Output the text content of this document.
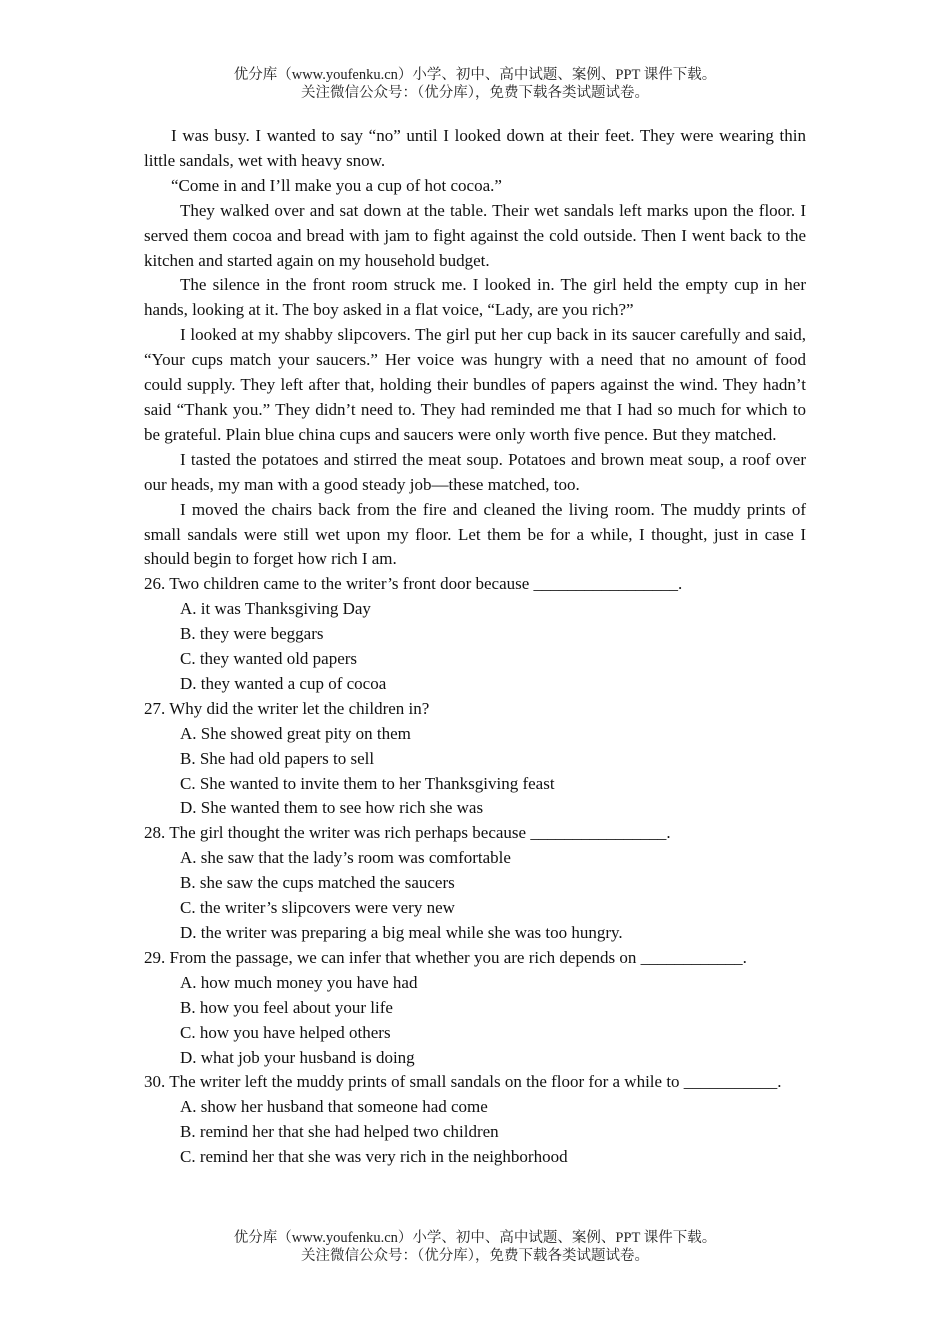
优分库（www.youfenku.cn）小学、初中、高中试题、案例、PPT 课件下载。
关注微信公众号：（优分库），免费下载各类试题试卷。

I was busy. I wanted to say “no” until I looked down at their feet. They were wearing thin little sandals, wet with heavy snow.

“Come in and I’ll make you a cup of hot cocoa.”

They walked over and sat down at the table. Their wet sandals left marks upon the floor. I served them cocoa and bread with jam to fight against the cold outside. Then I went back to the kitchen and started again on my household budget.

The silence in the front room struck me. I looked in. The girl held the empty cup in her hands, looking at it. The boy asked in a flat voice, “Lady, are you rich?”

I looked at my shabby slipcovers. The girl put her cup back in its saucer carefully and said, “Your cups match your saucers.” Her voice was hungry with a need that no amount of food could supply. They left after that, holding their bundles of papers against the wind. They hadn’t said “Thank you.” They didn’t need to. They had reminded me that I had so much for which to be grateful. Plain blue china cups and saucers were only worth five pence. But they matched.

I tasted the potatoes and stirred the meat soup. Potatoes and brown meat soup, a roof over our heads, my man with a good steady job—these matched, too.

I moved the chairs back from the fire and cleaned the living room. The muddy prints of small sandals were still wet upon my floor. Let them be for a while, I thought, just in case I should begin to forget how rich I am.

26. Two children came to the writer’s front door because _________________.

A. it was Thanksgiving Day

B. they were beggars

C. they wanted old papers

D. they wanted a cup of cocoa

27. Why did the writer let the children in?

A. She showed great pity on them

B. She had old papers to sell

C. She wanted to invite them to her Thanksgiving feast

D. She wanted them to see how rich she was

28. The girl thought the writer was rich perhaps because ________________.

A. she saw that the lady’s room was comfortable

B. she saw the cups matched the saucers

C. the writer’s slipcovers were very new

D. the writer was preparing a big meal while she was too hungry.

29. From the passage, we can infer that whether you are rich depends on ____________.

A. how much money you have had

B. how you feel about your life

C. how you have helped others

D. what job your husband is doing

30. The writer left the muddy prints of small sandals on the floor for a while to ___________.

A. show her husband that someone had come

B. remind her that she had helped two children

C. remind her that she was very rich in the neighborhood

优分库（www.youfenku.cn）小学、初中、高中试题、案例、PPT 课件下载。
关注微信公众号：（优分库），免费下载各类试题试卷。
